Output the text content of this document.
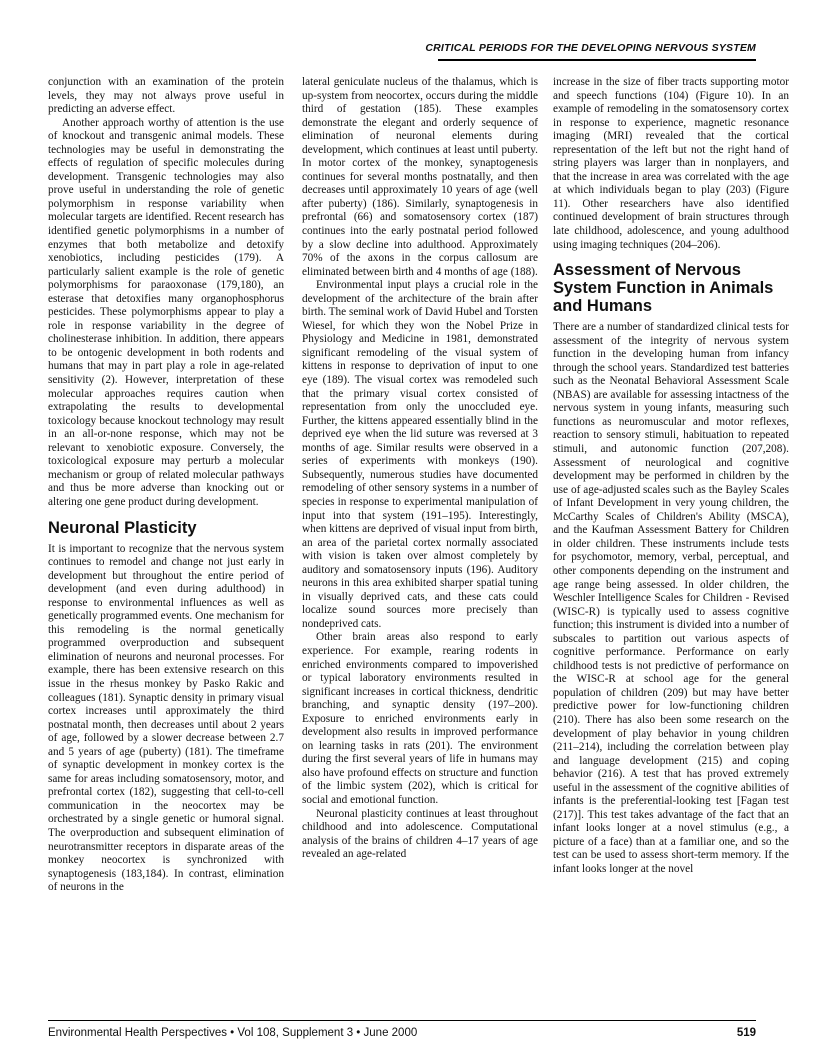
CRITICAL PERIODS FOR THE DEVELOPING NERVOUS SYSTEM

conjunction with an examination of the protein levels, they may not always prove useful in predicting an adverse effect.

Another approach worthy of attention is the use of knockout and transgenic animal models. These technologies may be useful in demonstrating the effects of regulation of specific molecules during development. Transgenic technologies may also prove useful in understanding the role of genetic polymorphism in response variability when molecular targets are identified. Recent research has identified genetic polymorphisms in a number of enzymes that both metabolize and detoxify xenobiotics, including pesticides (179). A particularly salient example is the role of genetic polymorphisms for paraoxonase (179,180), an esterase that detoxifies many organophosphorus pesticides. These polymorphisms appear to play a role in response variability in the degree of cholinesterase inhibition. In addition, there appears to be ontogenic development in both rodents and humans that may in part play a role in age-related sensitivity (2). However, interpretation of these molecular approaches requires caution when extrapolating the results to developmental toxicology because knockout technology may result in an all-or-none response, which may not be relevant to xenobiotic exposure. Conversely, the toxicological exposure may perturb a molecular mechanism or group of related molecular pathways and thus be more adverse than knocking out or altering one gene product during development.

Neuronal Plasticity

It is important to recognize that the nervous system continues to remodel and change not just early in development but throughout the entire period of development (and even during adulthood) in response to environmental influences as well as genetically programmed events. One mechanism for this remodeling is the normal genetically programmed overproduction and subsequent elimination of neurons and neuronal processes. For example, there has been extensive research on this issue in the rhesus monkey by Pasko Rakic and colleagues (181). Synaptic density in primary visual cortex increases until approximately the third postnatal month, then decreases until about 2 years of age, followed by a slower decrease between 2.7 and 5 years of age (puberty) (181). The timeframe of synaptic development in monkey cortex is the same for areas including somatosensory, motor, and prefrontal cortex (182), suggesting that cell-to-cell communication in the neocortex may be orchestrated by a single genetic or humoral signal. The overproduction and subsequent elimination of neurotransmitter receptors in disparate areas of the monkey neocortex is synchronized with synaptogenesis (183,184). In contrast, elimination of neurons in the

lateral geniculate nucleus of the thalamus, which is up-system from neocortex, occurs during the middle third of gestation (185). These examples demonstrate the elegant and orderly sequence of elimination of neuronal elements during development, which continues at least until puberty. In motor cortex of the monkey, synaptogenesis continues for several months postnatally, and then decreases until approximately 10 years of age (well after puberty) (186). Similarly, synaptogenesis in prefrontal (66) and somatosensory cortex (187) continues into the early postnatal period followed by a slow decline into adulthood. Approximately 70% of the axons in the corpus callosum are eliminated between birth and 4 months of age (188).

Environmental input plays a crucial role in the development of the architecture of the brain after birth. The seminal work of David Hubel and Torsten Wiesel, for which they won the Nobel Prize in Physiology and Medicine in 1981, demonstrated significant remodeling of the visual system of kittens in response to deprivation of input to one eye (189). The visual cortex was remodeled such that the primary visual cortex consisted of representation from only the unoccluded eye. Further, the kittens appeared essentially blind in the deprived eye when the lid suture was reversed at 3 months of age. Similar results were observed in a series of experiments with monkeys (190). Subsequently, numerous studies have documented remodeling of other sensory systems in a number of species in response to experimental manipulation of input into that system (191–195). Interestingly, when kittens are deprived of visual input from birth, an area of the parietal cortex normally associated with vision is taken over almost completely by auditory and somatosensory inputs (196). Auditory neurons in this area exhibited sharper spatial tuning in visually deprived cats, and these cats could localize sound sources more precisely than nondeprived cats.

Other brain areas also respond to early experience. For example, rearing rodents in enriched environments compared to impoverished or typical laboratory environments resulted in significant increases in cortical thickness, dendritic branching, and synaptic density (197–200). Exposure to enriched environments early in development also results in improved performance on learning tasks in rats (201). The environment during the first several years of life in humans may also have profound effects on structure and function of the limbic system (202), which is critical for social and emotional function.

Neuronal plasticity continues at least throughout childhood and into adolescence. Computational analysis of the brains of children 4–17 years of age revealed an age-related

increase in the size of fiber tracts supporting motor and speech functions (104) (Figure 10). In an example of remodeling in the somatosensory cortex in response to experience, magnetic resonance imaging (MRI) revealed that the cortical representation of the left but not the right hand of string players was larger than in nonplayers, and that the increase in area was correlated with the age at which individuals began to play (203) (Figure 11). Other researchers have also identified continued development of brain structures through late childhood, adolescence, and young adulthood using imaging techniques (204–206).

Assessment of Nervous System Function in Animals and Humans

There are a number of standardized clinical tests for assessment of the integrity of nervous system function in the developing human from infancy through the school years. Standardized test batteries such as the Neonatal Behavioral Assessment Scale (NBAS) are available for assessing intactness of the nervous system in young infants, measuring such functions as neuromuscular and motor reflexes, reaction to sensory stimuli, habituation to repeated stimuli, and autonomic function (207,208). Assessment of neurological and cognitive development may be performed in children by the use of age-adjusted scales such as the Bayley Scales of Infant Development in very young children, the McCarthy Scales of Children's Ability (MSCA), and the Kaufman Assessment Battery for Children in older children. These instruments include tests for psychomotor, memory, verbal, perceptual, and other components depending on the instrument and age range being assessed. In older children, the Weschler Intelligence Scales for Children - Revised (WISC-R) is typically used to assess cognitive function; this instrument is divided into a number of subscales to partition out various aspects of cognitive performance. Performance on early childhood tests is not predictive of performance on the WISC-R at school age for the general population of children (209) but may have better predictive power for low-functioning children (210). There has also been some research on the development of play behavior in young children (211–214), including the correlation between play and language development (215) and coping behavior (216). A test that has proved extremely useful in the assessment of the cognitive abilities of infants is the preferential-looking test [Fagan test (217)]. This test takes advantage of the fact that an infant looks longer at a novel stimulus (e.g., a picture of a face) than at a familiar one, and so the test can be used to assess short-term memory. If the infant looks longer at the novel

Environmental Health Perspectives • Vol 108, Supplement 3 • June 2000	519
